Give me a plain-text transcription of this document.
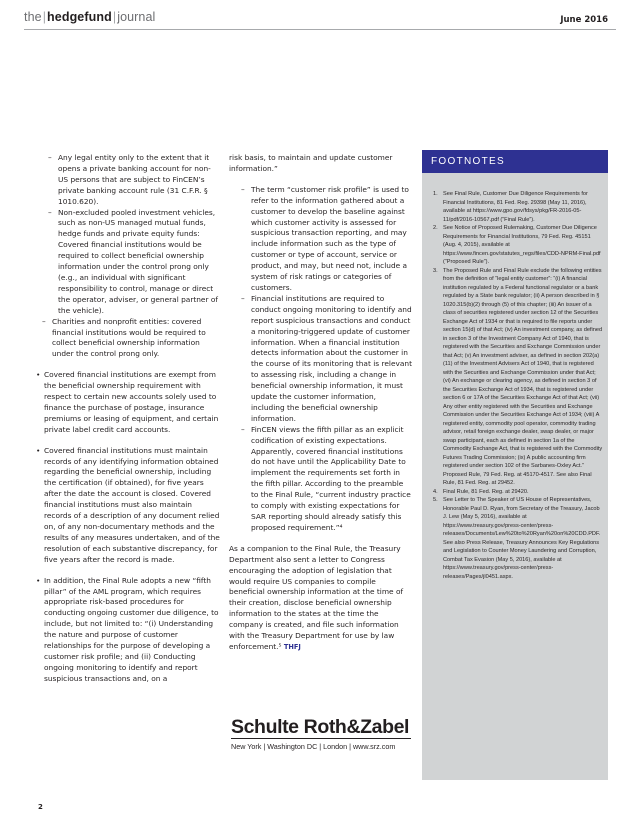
the|hedgefund|journal	June 2016

– Any legal entity only to the extent that it opens a private banking account for non-US persons that are subject to FinCEN’s private banking account rule (31 C.F.R. § 1010.620).

– Non-excluded pooled investment vehicles, such as non-US managed mutual funds, hedge funds and private equity funds: Covered financial institutions would be required to collect beneficial ownership information under the control prong only (e.g., an individual with significant responsibility to control, manage or direct the operator, adviser, or general partner of the vehicle).

– Charities and nonprofit entities: covered financial institutions would be required to collect beneficial ownership information under the control prong only.

• Covered financial institutions are exempt from the beneficial ownership requirement with respect to certain new accounts solely used to finance the purchase of postage, insurance premiums or leasing of equipment, and certain private label credit card accounts.

• Covered financial institutions must maintain records of any identifying information obtained regarding the beneficial ownership, including the certification (if obtained), for five years after the date the account is closed. Covered financial institutions must also maintain records of a description of any document relied on, of any non-documentary methods and the results of any measures undertaken, and of the resolution of each substantive discrepancy, for five years after the record is made.

• In addition, the Final Rule adopts a new “fifth pillar” of the AML program, which requires appropriate risk-based procedures for conducting ongoing customer due diligence, to include, but not limited to: “(i) Understanding the nature and purpose of customer relationships for the purpose of developing a customer risk profile; and (ii) Conducting ongoing monitoring to identify and report suspicious transactions and, on a

risk basis, to maintain and update customer information.”

– The term “customer risk profile” is used to refer to the information gathered about a customer to develop the baseline against which customer activity is assessed for suspicious transaction reporting, and may include information such as the type of customer or type of account, service or product, and may, but need not, include a system of risk ratings or categories of customers.

– Financial institutions are required to conduct ongoing monitoring to identify and report suspicious transactions and conduct a monitoring-triggered update of customer information. When a financial institution detects information about the customer in the course of its monitoring that is relevant to assessing risk, including a change in beneficial ownership information, it must update the customer information, including the beneficial ownership information.

– FinCEN views the fifth pillar as an explicit codification of existing expectations. Apparently, covered financial institutions do not have until the Applicability Date to implement the requirements set forth in the fifth pillar. According to the preamble to the Final Rule, “current industry practice to comply with existing expectations for SAR reporting should already satisfy this proposed requirement.”⁴

As a companion to the Final Rule, the Treasury Department also sent a letter to Congress encouraging the adoption of legislation that would require US companies to compile beneficial ownership information at the time of their creation, disclose beneficial ownership information to the states at the time the company is created, and file such information with the Treasury Department for use by law enforcement.⁵ THFJ

Schulte Roth&Zabel
New York | Washington DC | London | www.srz.com
FOOTNOTES
1. See Final Rule, Customer Due Diligence Requirements for Financial Institutions, 81 Fed. Reg. 29398 (May 11, 2016), available at https://www.gpo.gov/fdsys/pkg/FR-2016-05-11/pdf/2016-10567.pdf (“Final Rule”).
2. See Notice of Proposed Rulemaking, Customer Due Diligence Requirements for Financial Institutions, 79 Fed. Reg. 45151 (Aug. 4, 2015), available at https://www.fincen.gov/statutes_regs/files/CDD-NPRM-Final.pdf (“Proposed Rule”).
3. The Proposed Rule and Final Rule exclude the following entities from the definition of “legal entity customer”: “(i) A financial institution regulated by a Federal functional regulator or a bank regulated by a State bank regulator; (ii) A person described in § 1020.315(b)(2) through (5) of this chapter; (iii) An issuer of a class of securities registered under section 12 of the Securities Exchange Act of 1934 or that is required to file reports under section 15(d) of that Act; (iv) An investment company, as defined in section 3 of the Investment Company Act of 1940, that is registered with the Securities and Exchange Commission under that Act; (v) An investment adviser, as defined in section 202(a)(11) of the Investment Advisers Act of 1940, that is registered with the Securities and Exchange Commission under that Act; (vi) An exchange or clearing agency, as defined in section 3 of the Securities Exchange Act of 1934, that is registered under section 6 or 17A of the Securities Exchange Act of that Act; (vii) Any other entity registered with the Securities and Exchange Commission under the Securities Exchange Act of 1934; (viii) A registered entity, commodity pool operator, commodity trading advisor, retail foreign exchange dealer, swap dealer, or major swap participant, each as defined in section 1a of the Commodity Exchange Act, that is registered with the Commodity Futures Trading Commission; (ix) A public accounting firm registered under section 102 of the Sarbanes-Oxley Act.” Proposed Rule, 79 Fed. Reg. at 45170-4517. See also Final Rule, 81 Fed. Reg. at 29452.
4. Final Rule, 81 Fed. Reg. at 29420.
5. See Letter to The Speaker of US House of Representatives, Honorable Paul D. Ryan, from Secretary of the Treasury, Jacob J. Lew (May 5, 2016), available at https://www.treasury.gov/press-center/press-releases/Documents/Lew%20to%20Ryan%20on%20CDD.PDF. See also Press Release, Treasury Announces Key Regulations and Legislation to Counter Money Laundering and Corruption, Combat Tax Evasion (May 5, 2016), available at https://www.treasury.gov/press-center/press-releases/Pages/jl0451.aspx.
2
